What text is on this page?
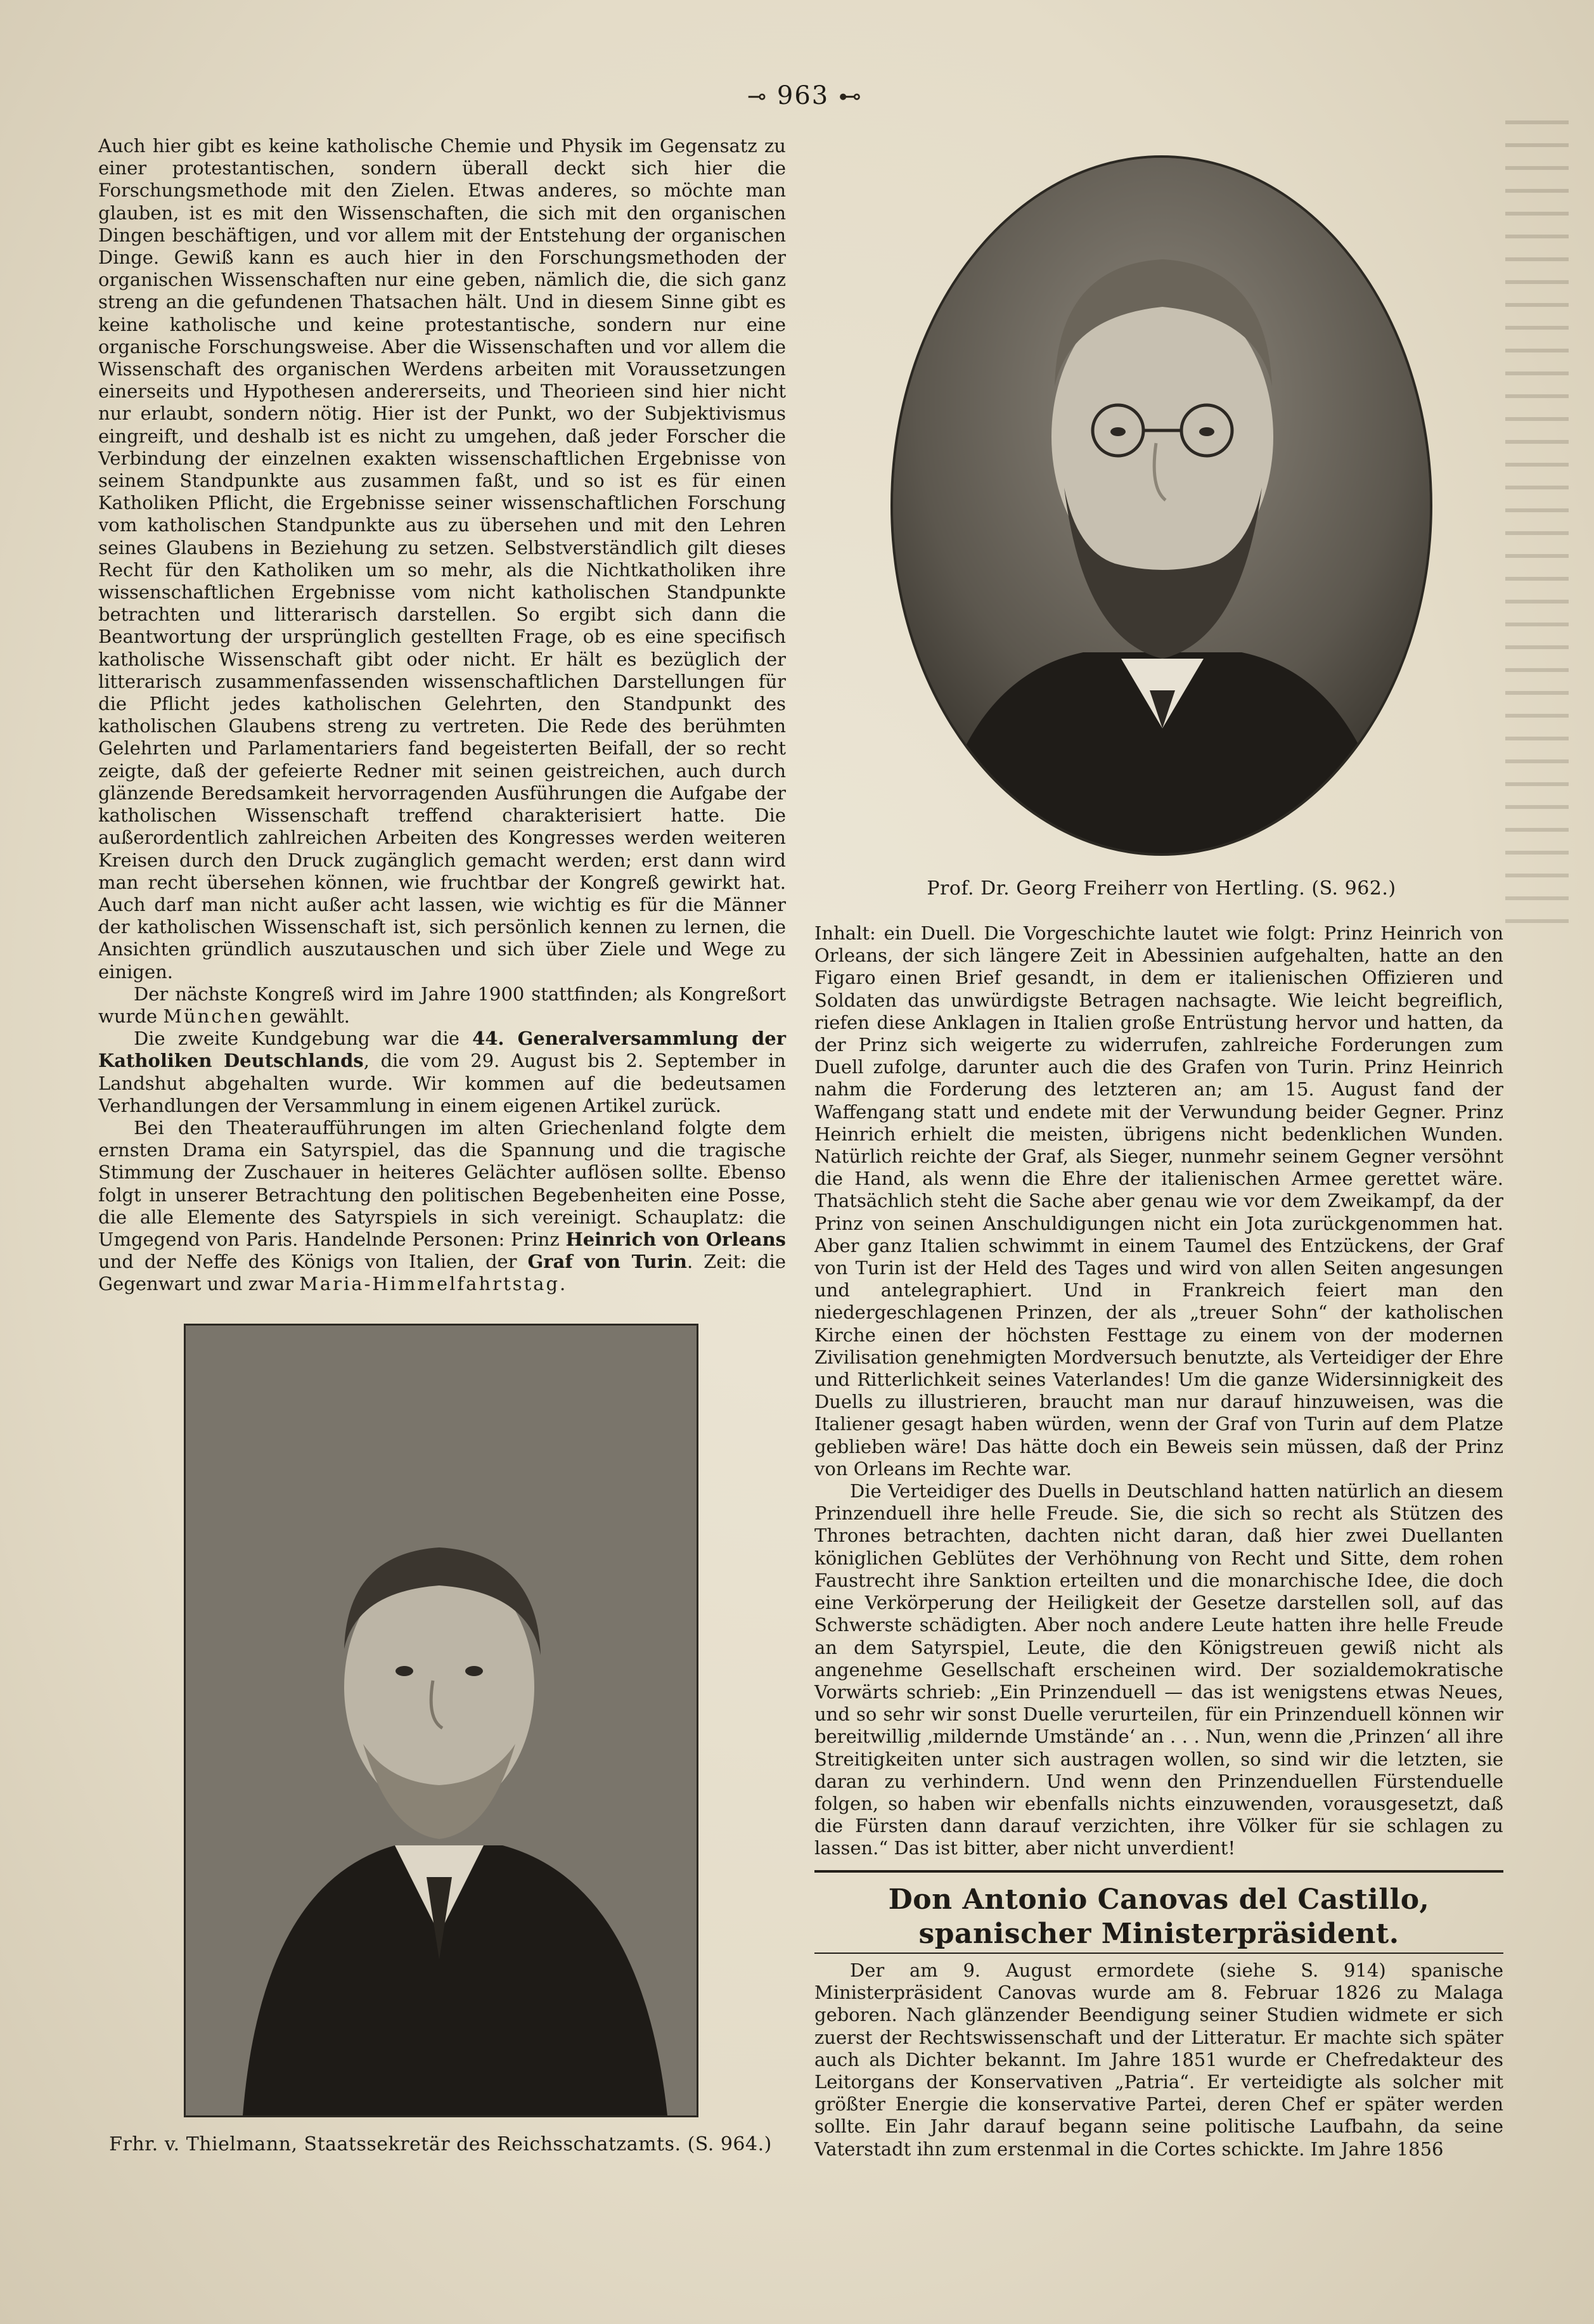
⊸ 963 ⊷

Auch hier gibt es keine katholische Chemie und Physik im Gegensatz zu einer protestantischen, sondern überall deckt sich hier die Forschungsmethode mit den Zielen. Etwas anderes, so möchte man glauben, ist es mit den Wissenschaften, die sich mit den organischen Dingen beschäftigen, und vor allem mit der Entstehung der organischen Dinge. Gewiß kann es auch hier in den Forschungsmethoden der organischen Wissenschaften nur eine geben, nämlich die, die sich ganz streng an die gefundenen Thatsachen hält. Und in diesem Sinne gibt es keine katholische und keine protestantische, sondern nur eine organische Forschungsweise. Aber die Wissenschaften und vor allem die Wissenschaft des organischen Werdens arbeiten mit Voraussetzungen einerseits und Hypothesen andererseits, und Theorieen sind hier nicht nur erlaubt, sondern nötig. Hier ist der Punkt, wo der Subjektivismus eingreift, und deshalb ist es nicht zu umgehen, daß jeder Forscher die Verbindung der einzelnen exakten wissenschaftlichen Ergebnisse von seinem Standpunkte aus zusammen faßt, und so ist es für einen Katholiken Pflicht, die Ergebnisse seiner wissenschaftlichen Forschung vom katholischen Standpunkte aus zu übersehen und mit den Lehren seines Glaubens in Beziehung zu setzen. Selbstverständlich gilt dieses Recht für den Katholiken um so mehr, als die Nichtkatholiken ihre wissenschaftlichen Ergebnisse vom nicht katholischen Standpunkte betrachten und litterarisch darstellen. So ergibt sich dann die Beantwortung der ursprünglich gestellten Frage, ob es eine specifisch katholische Wissenschaft gibt oder nicht. Er hält es bezüglich der litterarisch zusammenfassenden wissenschaftlichen Darstellungen für die Pflicht jedes katholischen Gelehrten, den Standpunkt des katholischen Glaubens streng zu vertreten. Die Rede des berühmten Gelehrten und Parlamentariers fand begeisterten Beifall, der so recht zeigte, daß der gefeierte Redner mit seinen geistreichen, auch durch glänzende Beredsamkeit hervorragenden Ausführungen die Aufgabe der katholischen Wissenschaft treffend charakterisiert hatte. Die außerordentlich zahlreichen Arbeiten des Kongresses werden weiteren Kreisen durch den Druck zugänglich gemacht werden; erst dann wird man recht übersehen können, wie fruchtbar der Kongreß gewirkt hat. Auch darf man nicht außer acht lassen, wie wichtig es für die Männer der katholischen Wissenschaft ist, sich persönlich kennen zu lernen, die Ansichten gründlich auszutauschen und sich über Ziele und Wege zu einigen.

Der nächste Kongreß wird im Jahre 1900 stattfinden; als Kongreßort wurde München gewählt.

Die zweite Kundgebung war die 44. Generalversammlung der Katholiken Deutschlands, die vom 29. August bis 2. September in Landshut abgehalten wurde. Wir kommen auf die bedeutsamen Verhandlungen der Versammlung in einem eigenen Artikel zurück.

Bei den Theateraufführungen im alten Griechenland folgte dem ernsten Drama ein Satyrspiel, das die Spannung und die tragische Stimmung der Zuschauer in heiteres Gelächter auflösen sollte. Ebenso folgt in unserer Betrachtung den politischen Begebenheiten eine Posse, die alle Elemente des Satyrspiels in sich vereinigt. Schauplatz: die Umgegend von Paris. Handelnde Personen: Prinz Heinrich von Orleans und der Neffe des Königs von Italien, der Graf von Turin. Zeit: die Gegenwart und zwar Maria-Himmelfahrtstag.

Prof. Dr. Georg Freiherr von Hertling. (S. 962.)

Inhalt: ein Duell. Die Vorgeschichte lautet wie folgt: Prinz Heinrich von Orleans, der sich längere Zeit in Abessinien aufgehalten, hatte an den Figaro einen Brief gesandt, in dem er italienischen Offizieren und Soldaten das unwürdigste Betragen nachsagte. Wie leicht begreiflich, riefen diese Anklagen in Italien große Entrüstung hervor und hatten, da der Prinz sich weigerte zu widerrufen, zahlreiche Forderungen zum Duell zufolge, darunter auch die des Grafen von Turin. Prinz Heinrich nahm die Forderung des letzteren an; am 15. August fand der Waffengang statt und endete mit der Verwundung beider Gegner. Prinz Heinrich erhielt die meisten, übrigens nicht bedenklichen Wunden. Natürlich reichte der Graf, als Sieger, nunmehr seinem Gegner versöhnt die Hand, als wenn die Ehre der italienischen Armee gerettet wäre. Thatsächlich steht die Sache aber genau wie vor dem Zweikampf, da der Prinz von seinen Anschuldigungen nicht ein Jota zurückgenommen hat. Aber ganz Italien schwimmt in einem Taumel des Entzückens, der Graf von Turin ist der Held des Tages und wird von allen Seiten angesungen und antelegraphiert. Und in Frankreich feiert man den niedergeschlagenen Prinzen, der als „treuer Sohn“ der katholischen Kirche einen der höchsten Festtage zu einem von der modernen Zivilisation genehmigten Mordversuch benutzte, als Verteidiger der Ehre und Ritterlichkeit seines Vaterlandes! Um die ganze Widersinnigkeit des Duells zu illustrieren, braucht man nur darauf hinzuweisen, was die Italiener gesagt haben würden, wenn der Graf von Turin auf dem Platze geblieben wäre! Das hätte doch ein Beweis sein müssen, daß der Prinz von Orleans im Rechte war.

Die Verteidiger des Duells in Deutschland hatten natürlich an diesem Prinzenduell ihre helle Freude. Sie, die sich so recht als Stützen des Thrones betrachten, dachten nicht daran, daß hier zwei Duellanten königlichen Geblütes der Verhöhnung von Recht und Sitte, dem rohen Faustrecht ihre Sanktion erteilten und die monarchische Idee, die doch eine Verkörperung der Heiligkeit der Gesetze darstellen soll, auf das Schwerste schädigten. Aber noch andere Leute hatten ihre helle Freude an dem Satyrspiel, Leute, die den Königstreuen gewiß nicht als angenehme Gesellschaft erscheinen wird. Der sozialdemokratische Vorwärts schrieb: „Ein Prinzenduell — das ist wenigstens etwas Neues, und so sehr wir sonst Duelle verurteilen, für ein Prinzenduell können wir bereitwillig ‚mildernde Umstände‘ an . . . Nun, wenn die ‚Prinzen‘ all ihre Streitigkeiten unter sich austragen wollen, so sind wir die letzten, sie daran zu verhindern. Und wenn den Prinzenduellen Fürstenduelle folgen, so haben wir ebenfalls nichts einzuwenden, vorausgesetzt, daß die Fürsten dann darauf verzichten, ihre Völker für sie schlagen zu lassen.“ Das ist bitter, aber nicht unverdient!

Don Antonio Canovas del Castillo, spanischer Ministerpräsident.

Der am 9. August ermordete (siehe S. 914) spanische Ministerpräsident Canovas wurde am 8. Februar 1826 zu Malaga geboren. Nach glänzender Beendigung seiner Studien widmete er sich zuerst der Rechtswissenschaft und der Litteratur. Er machte sich später auch als Dichter bekannt. Im Jahre 1851 wurde er Chefredakteur des Leitorgans der Konservativen „Patria“. Er verteidigte als solcher mit größter Energie die konservative Partei, deren Chef er später werden sollte. Ein Jahr darauf begann seine politische Laufbahn, da seine Vaterstadt ihn zum erstenmal in die Cortes schickte. Im Jahre 1856

Frhr. v. Thielmann, Staatssekretär des Reichsschatzamts. (S. 964.)
